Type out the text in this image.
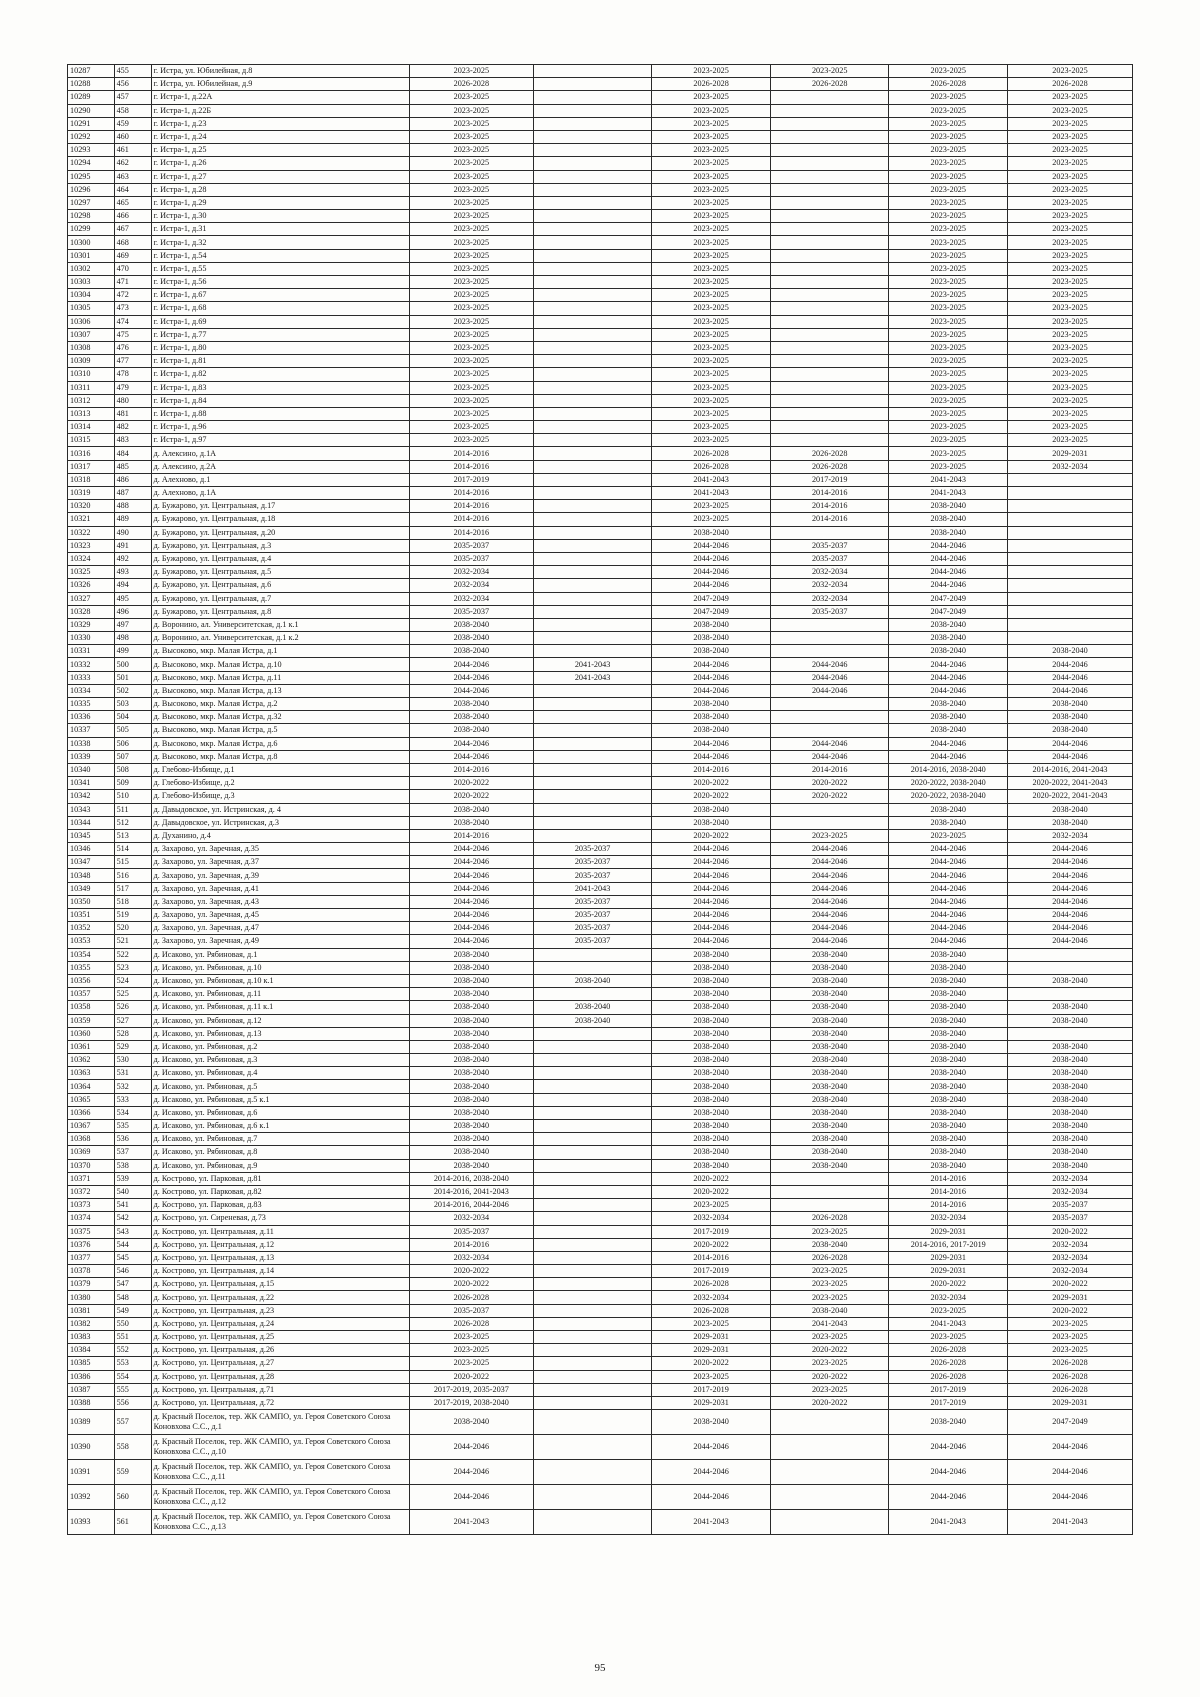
10287	455	г. Истра, ул. Юбилейная, д.8	2023-2025		2023-2025	2023-2025	2023-2025	2023-2025
10288	456	г. Истра, ул. Юбилейная, д.9	2026-2028		2026-2028	2026-2028	2026-2028	2026-2028
10289	457	г. Истра-1, д.22А	2023-2025		2023-2025		2023-2025	2023-2025
10290	458	г. Истра-1, д.22Б	2023-2025		2023-2025		2023-2025	2023-2025
10291	459	г. Истра-1, д.23	2023-2025		2023-2025		2023-2025	2023-2025
10292	460	г. Истра-1, д.24	2023-2025		2023-2025		2023-2025	2023-2025
10293	461	г. Истра-1, д.25	2023-2025		2023-2025		2023-2025	2023-2025
10294	462	г. Истра-1, д.26	2023-2025		2023-2025		2023-2025	2023-2025
10295	463	г. Истра-1, д.27	2023-2025		2023-2025		2023-2025	2023-2025
10296	464	г. Истра-1, д.28	2023-2025		2023-2025		2023-2025	2023-2025
10297	465	г. Истра-1, д.29	2023-2025		2023-2025		2023-2025	2023-2025
10298	466	г. Истра-1, д.30	2023-2025		2023-2025		2023-2025	2023-2025
10299	467	г. Истра-1, д.31	2023-2025		2023-2025		2023-2025	2023-2025
10300	468	г. Истра-1, д.32	2023-2025		2023-2025		2023-2025	2023-2025
10301	469	г. Истра-1, д.54	2023-2025		2023-2025		2023-2025	2023-2025
10302	470	г. Истра-1, д.55	2023-2025		2023-2025		2023-2025	2023-2025
10303	471	г. Истра-1, д.56	2023-2025		2023-2025		2023-2025	2023-2025
10304	472	г. Истра-1, д.67	2023-2025		2023-2025		2023-2025	2023-2025
10305	473	г. Истра-1, д.68	2023-2025		2023-2025		2023-2025	2023-2025
10306	474	г. Истра-1, д.69	2023-2025		2023-2025		2023-2025	2023-2025
10307	475	г. Истра-1, д.77	2023-2025		2023-2025		2023-2025	2023-2025
10308	476	г. Истра-1, д.80	2023-2025		2023-2025		2023-2025	2023-2025
10309	477	г. Истра-1, д.81	2023-2025		2023-2025		2023-2025	2023-2025
10310	478	г. Истра-1, д.82	2023-2025		2023-2025		2023-2025	2023-2025
10311	479	г. Истра-1, д.83	2023-2025		2023-2025		2023-2025	2023-2025
10312	480	г. Истра-1, д.84	2023-2025		2023-2025		2023-2025	2023-2025
10313	481	г. Истра-1, д.88	2023-2025		2023-2025		2023-2025	2023-2025
10314	482	г. Истра-1, д.96	2023-2025		2023-2025		2023-2025	2023-2025
10315	483	г. Истра-1, д.97	2023-2025		2023-2025		2023-2025	2023-2025
10316	484	д. Алексино, д.1А	2014-2016		2026-2028	2026-2028	2023-2025	2029-2031
10317	485	д. Алексино, д.2А	2014-2016		2026-2028	2026-2028	2023-2025	2032-2034
10318	486	д. Алехново, д.1	2017-2019		2041-2043	2017-2019	2041-2043	
10319	487	д. Алехново, д.1А	2014-2016		2041-2043	2014-2016	2041-2043	
10320	488	д. Бужарово, ул. Центральная, д.17	2014-2016		2023-2025	2014-2016	2038-2040	
10321	489	д. Бужарово, ул. Центральная, д.18	2014-2016		2023-2025	2014-2016	2038-2040	
10322	490	д. Бужарово, ул. Центральная, д.20	2014-2016		2038-2040		2038-2040	
10323	491	д. Бужарово, ул. Центральная, д.3	2035-2037		2044-2046	2035-2037	2044-2046	
10324	492	д. Бужарово, ул. Центральная, д.4	2035-2037		2044-2046	2035-2037	2044-2046	
10325	493	д. Бужарово, ул. Центральная, д.5	2032-2034		2044-2046	2032-2034	2044-2046	
10326	494	д. Бужарово, ул. Центральная, д.6	2032-2034		2044-2046	2032-2034	2044-2046	
10327	495	д. Бужарово, ул. Центральная, д.7	2032-2034		2047-2049	2032-2034	2047-2049	
10328	496	д. Бужарово, ул. Центральная, д.8	2035-2037		2047-2049	2035-2037	2047-2049	
10329	497	д. Воронино, ал. Университетская, д.1 к.1	2038-2040		2038-2040		2038-2040	
10330	498	д. Воронино, ал. Университетская, д.1 к.2	2038-2040		2038-2040		2038-2040	
10331	499	д. Высоково, мкр. Малая Истра, д.1	2038-2040		2038-2040		2038-2040	2038-2040
10332	500	д. Высоково, мкр. Малая Истра, д.10	2044-2046	2041-2043	2044-2046	2044-2046	2044-2046	2044-2046
10333	501	д. Высоково, мкр. Малая Истра, д.11	2044-2046	2041-2043	2044-2046	2044-2046	2044-2046	2044-2046
10334	502	д. Высоково, мкр. Малая Истра, д.13	2044-2046		2044-2046	2044-2046	2044-2046	2044-2046
10335	503	д. Высоково, мкр. Малая Истра, д.2	2038-2040		2038-2040		2038-2040	2038-2040
10336	504	д. Высоково, мкр. Малая Истра, д.32	2038-2040		2038-2040		2038-2040	2038-2040
10337	505	д. Высоково, мкр. Малая Истра, д.5	2038-2040		2038-2040		2038-2040	2038-2040
10338	506	д. Высоково, мкр. Малая Истра, д.6	2044-2046		2044-2046	2044-2046	2044-2046	2044-2046
10339	507	д. Высоково, мкр. Малая Истра, д.8	2044-2046		2044-2046	2044-2046	2044-2046	2044-2046
10340	508	д. Глебово-Избище, д.1	2014-2016		2014-2016	2014-2016	2014-2016, 2038-2040	2014-2016, 2041-2043
10341	509	д. Глебово-Избище, д.2	2020-2022		2020-2022	2020-2022	2020-2022, 2038-2040	2020-2022, 2041-2043
10342	510	д. Глебово-Избище, д.3	2020-2022		2020-2022	2020-2022	2020-2022, 2038-2040	2020-2022, 2041-2043
10343	511	д. Давыдовское, ул. Истринская, д. 4	2038-2040		2038-2040		2038-2040	2038-2040
10344	512	д. Давыдовское, ул. Истринская, д.3	2038-2040		2038-2040		2038-2040	2038-2040
10345	513	д. Духанино, д.4	2014-2016		2020-2022	2023-2025	2023-2025	2032-2034
10346	514	д. Захарово, ул. Заречная, д.35	2044-2046	2035-2037	2044-2046	2044-2046	2044-2046	2044-2046
10347	515	д. Захарово, ул. Заречная, д.37	2044-2046	2035-2037	2044-2046	2044-2046	2044-2046	2044-2046
10348	516	д. Захарово, ул. Заречная, д.39	2044-2046	2035-2037	2044-2046	2044-2046	2044-2046	2044-2046
10349	517	д. Захарово, ул. Заречная, д.41	2044-2046	2041-2043	2044-2046	2044-2046	2044-2046	2044-2046
10350	518	д. Захарово, ул. Заречная, д.43	2044-2046	2035-2037	2044-2046	2044-2046	2044-2046	2044-2046
10351	519	д. Захарово, ул. Заречная, д.45	2044-2046	2035-2037	2044-2046	2044-2046	2044-2046	2044-2046
10352	520	д. Захарово, ул. Заречная, д.47	2044-2046	2035-2037	2044-2046	2044-2046	2044-2046	2044-2046
10353	521	д. Захарово, ул. Заречная, д.49	2044-2046	2035-2037	2044-2046	2044-2046	2044-2046	2044-2046
10354	522	д. Исаково, ул. Рябиновая, д.1	2038-2040		2038-2040	2038-2040	2038-2040	
10355	523	д. Исаково, ул. Рябиновая, д.10	2038-2040		2038-2040	2038-2040	2038-2040	
10356	524	д. Исаково, ул. Рябиновая, д.10 к.1	2038-2040	2038-2040	2038-2040	2038-2040	2038-2040	2038-2040
10357	525	д. Исаково, ул. Рябиновая, д.11	2038-2040		2038-2040	2038-2040	2038-2040	
10358	526	д. Исаково, ул. Рябиновая, д.11 к.1	2038-2040	2038-2040	2038-2040	2038-2040	2038-2040	2038-2040
10359	527	д. Исаково, ул. Рябиновая, д.12	2038-2040	2038-2040	2038-2040	2038-2040	2038-2040	2038-2040
10360	528	д. Исаково, ул. Рябиновая, д.13	2038-2040		2038-2040	2038-2040	2038-2040	
10361	529	д. Исаково, ул. Рябиновая, д.2	2038-2040		2038-2040	2038-2040	2038-2040	2038-2040
10362	530	д. Исаково, ул. Рябиновая, д.3	2038-2040		2038-2040	2038-2040	2038-2040	2038-2040
10363	531	д. Исаково, ул. Рябиновая, д.4	2038-2040		2038-2040	2038-2040	2038-2040	2038-2040
10364	532	д. Исаково, ул. Рябиновая, д.5	2038-2040		2038-2040	2038-2040	2038-2040	2038-2040
10365	533	д. Исаково, ул. Рябиновая, д.5 к.1	2038-2040		2038-2040	2038-2040	2038-2040	2038-2040
10366	534	д. Исаково, ул. Рябиновая, д.6	2038-2040		2038-2040	2038-2040	2038-2040	2038-2040
10367	535	д. Исаково, ул. Рябиновая, д.6 к.1	2038-2040		2038-2040	2038-2040	2038-2040	2038-2040
10368	536	д. Исаково, ул. Рябиновая, д.7	2038-2040		2038-2040	2038-2040	2038-2040	2038-2040
10369	537	д. Исаково, ул. Рябиновая, д.8	2038-2040		2038-2040	2038-2040	2038-2040	2038-2040
10370	538	д. Исаково, ул. Рябиновая, д.9	2038-2040		2038-2040	2038-2040	2038-2040	2038-2040
10371	539	д. Кострово, ул. Парковая, д.81	2014-2016, 2038-2040		2020-2022		2014-2016	2032-2034
10372	540	д. Кострово, ул. Парковая, д.82	2014-2016, 2041-2043		2020-2022		2014-2016	2032-2034
10373	541	д. Кострово, ул. Парковая, д.83	2014-2016, 2044-2046		2023-2025		2014-2016	2035-2037
10374	542	д. Кострово, ул. Сиреневая, д.73	2032-2034		2032-2034	2026-2028	2032-2034	2035-2037
10375	543	д. Кострово, ул. Центральная, д.11	2035-2037		2017-2019	2023-2025	2029-2031	2020-2022
10376	544	д. Кострово, ул. Центральная, д.12	2014-2016		2020-2022	2038-2040	2014-2016, 2017-2019	2032-2034
10377	545	д. Кострово, ул. Центральная, д.13	2032-2034		2014-2016	2026-2028	2029-2031	2032-2034
10378	546	д. Кострово, ул. Центральная, д.14	2020-2022		2017-2019	2023-2025	2029-2031	2032-2034
10379	547	д. Кострово, ул. Центральная, д.15	2020-2022		2026-2028	2023-2025	2020-2022	2020-2022
10380	548	д. Кострово, ул. Центральная, д.22	2026-2028		2032-2034	2023-2025	2032-2034	2029-2031
10381	549	д. Кострово, ул. Центральная, д.23	2035-2037		2026-2028	2038-2040	2023-2025	2020-2022
10382	550	д. Кострово, ул. Центральная, д.24	2026-2028		2023-2025	2041-2043	2041-2043	2023-2025
10383	551	д. Кострово, ул. Центральная, д.25	2023-2025		2029-2031	2023-2025	2023-2025	2023-2025
10384	552	д. Кострово, ул. Центральная, д.26	2023-2025		2029-2031	2020-2022	2026-2028	2023-2025
10385	553	д. Кострово, ул. Центральная, д.27	2023-2025		2020-2022	2023-2025	2026-2028	2026-2028
10386	554	д. Кострово, ул. Центральная, д.28	2020-2022		2023-2025	2020-2022	2026-2028	2026-2028
10387	555	д. Кострово, ул. Центральная, д.71	2017-2019, 2035-2037		2017-2019	2023-2025	2017-2019	2026-2028
10388	556	д. Кострово, ул. Центральная, д.72	2017-2019, 2038-2040		2029-2031	2020-2022	2017-2019	2029-2031
10389	557	д. Красный Поселок, тер. ЖК САМПО, ул. Героя Советского Союза Коновхова С.С., д.1	2038-2040		2038-2040		2038-2040	2047-2049
10390	558	д. Красный Поселок, тер. ЖК САМПО, ул. Героя Советского Союза Коновхова С.С., д.10	2044-2046		2044-2046		2044-2046	2044-2046
10391	559	д. Красный Поселок, тер. ЖК САМПО, ул. Героя Советского Союза Коновхова С.С., д.11	2044-2046		2044-2046		2044-2046	2044-2046
10392	560	д. Красный Поселок, тер. ЖК САМПО, ул. Героя Советского Союза Коновхова С.С., д.12	2044-2046		2044-2046		2044-2046	2044-2046
10393	561	д. Красный Поселок, тер. ЖК САМПО, ул. Героя Советского Союза Коновхова С.С., д.13	2041-2043		2041-2043		2041-2043	2041-2043
95
